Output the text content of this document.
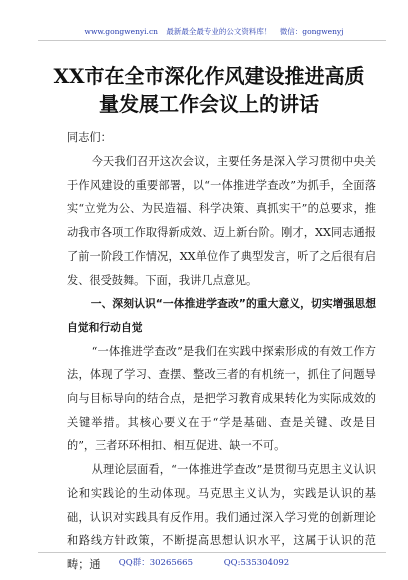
www.gongwenyi.cn 最新最全最专业的公文资料库！ 微信：gongwenyj
XX市在全市深化作风建设推进高质量发展工作会议上的讲话
同志们：

今天我们召开这次会议，主要任务是深入学习贯彻中央关于作风建设的重要部署，以“一体推进学查改”为抓手，全面落实“立党为公、为民造福、科学决策、真抓实干”的总要求，推动我市各项工作取得新成效、迈上新台阶。刚才，XX同志通报了前一阶段工作情况，XX单位作了典型发言，听了之后很有启发、很受鼓舞。下面，我讲几点意见。

一、深刻认识“一体推进学查改”的重大意义，切实增强思想自觉和行动自觉

“一体推进学查改”是我们在实践中探索形成的有效工作方法，体现了学习、查摆、整改三者的有机统一，抓住了问题导向与目标导向的结合点，是把学习教育成果转化为实际成效的关键举措。其核心要义在于“学是基础、查是关键、改是目的”，三者环环相扣、相互促进、缺一不可。

从理论层面看，“一体推进学查改”是贯彻马克思主义认识论和实践论的生动体现。马克思主义认为，实践是认识的基础，认识对实践具有反作用。我们通过深入学习党的创新理论和路线方针政策，不断提高思想认识水平，这属于认识的范畴；通	QQ群：30265665	QQ:535304092
